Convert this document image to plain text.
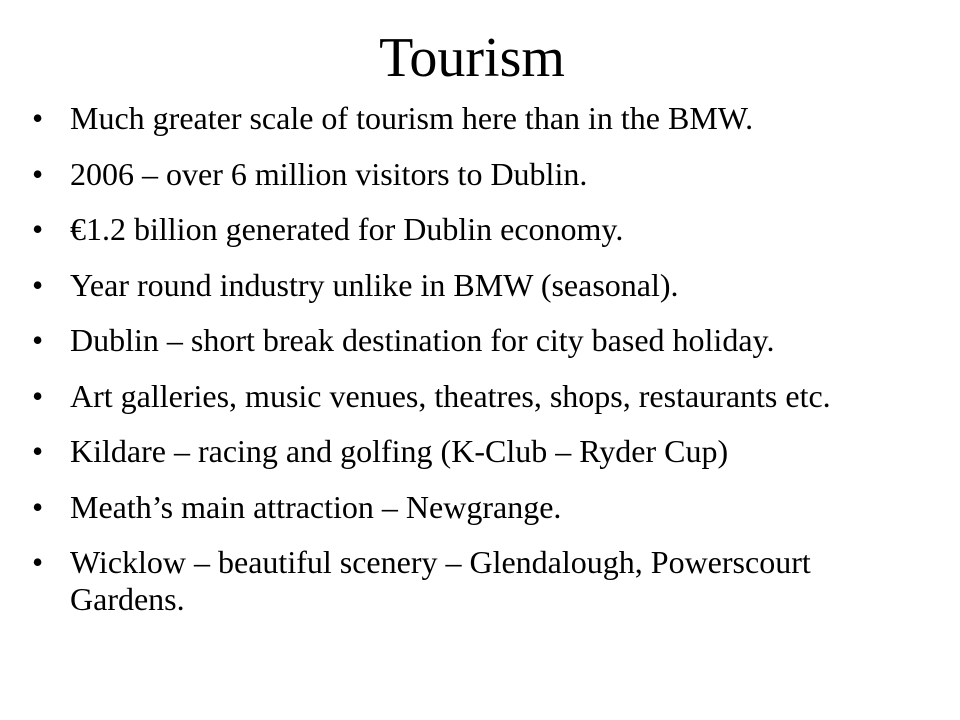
Tourism
• Much greater scale of tourism here than in the BMW.
• 2006 – over 6 million visitors to Dublin.
• €1.2 billion generated for Dublin economy.
• Year round industry unlike in BMW (seasonal).
• Dublin – short break destination for city based holiday.
• Art galleries, music venues, theatres, shops, restaurants etc.
• Kildare – racing and golfing (K-Club – Ryder Cup)
• Meath’s main attraction – Newgrange.
• Wicklow – beautiful scenery – Glendalough, Powerscourt Gardens.
